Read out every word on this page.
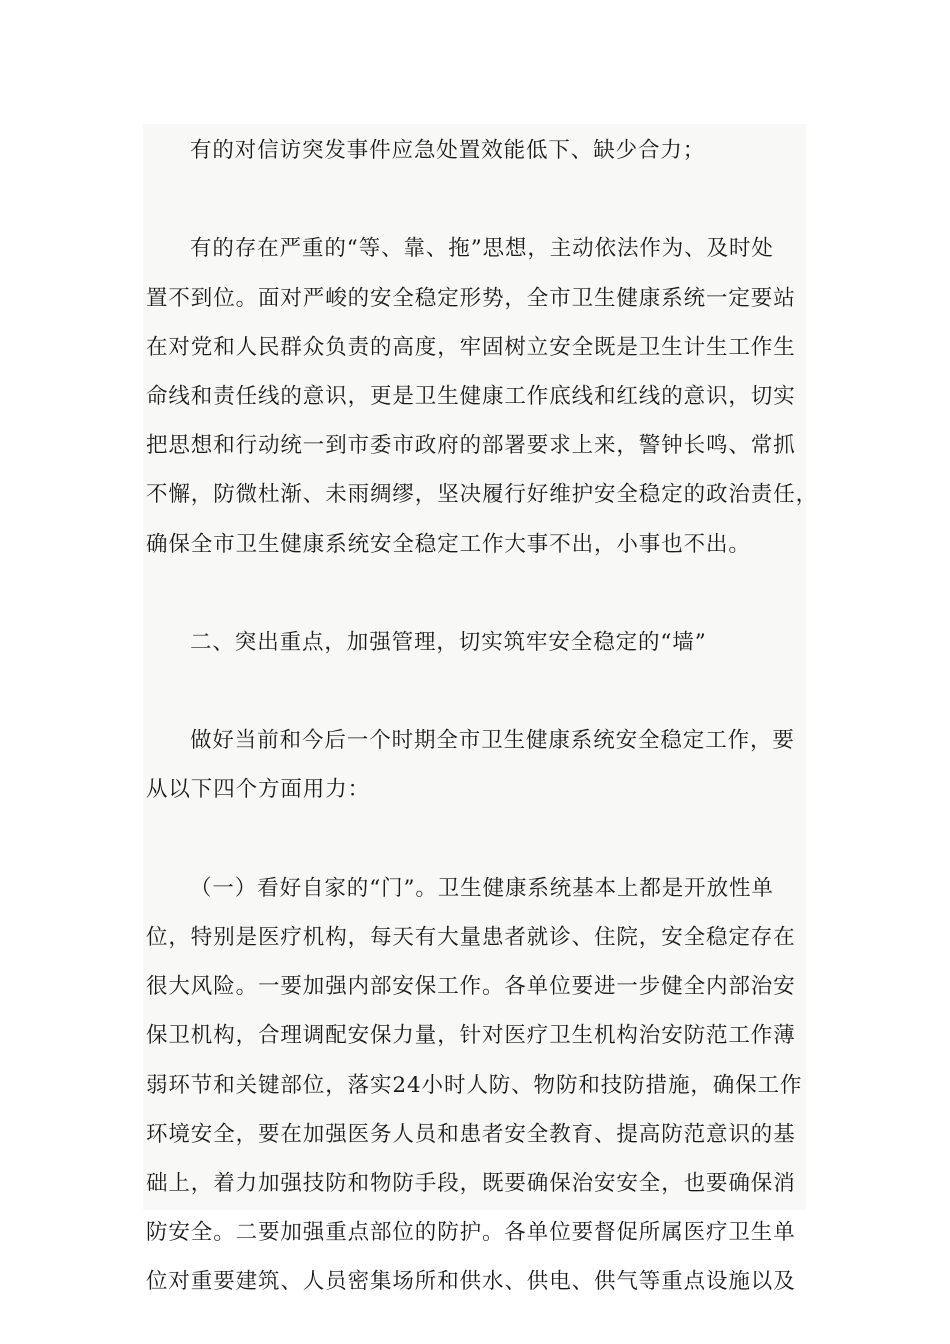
有的对信访突发事件应急处置效能低下、缺少合力；
有的存在严重的“等、靠、拖”思想，主动依法作为、及时处
置不到位。面对严峻的安全稳定形势，全市卫生健康系统一定要站
在对党和人民群众负责的高度，牢固树立安全既是卫生计生工作生
命线和责任线的意识，更是卫生健康工作底线和红线的意识，切实
把思想和行动统一到市委市政府的部署要求上来，警钟长鸣、常抓
不懈，防微杜渐、未雨绸缪，坚决履行好维护安全稳定的政治责任，
确保全市卫生健康系统安全稳定工作大事不出，小事也不出。
二、突出重点，加强管理，切实筑牢安全稳定的“墙”
做好当前和今后一个时期全市卫生健康系统安全稳定工作，要
从以下四个方面用力：
（一）看好自家的“门”。卫生健康系统基本上都是开放性单
位，特别是医疗机构，每天有大量患者就诊、住院，安全稳定存在
很大风险。一要加强内部安保工作。各单位要进一步健全内部治安
保卫机构，合理调配安保力量，针对医疗卫生机构治安防范工作薄
弱环节和关键部位，落实24小时人防、物防和技防措施，确保工作
环境安全，要在加强医务人员和患者安全教育、提高防范意识的基
础上，着力加强技防和物防手段，既要确保治安安全，也要确保消
防安全。二要加强重点部位的防护。各单位要督促所属医疗卫生单
位对重要建筑、人员密集场所和供水、供电、供气等重点设施以及
